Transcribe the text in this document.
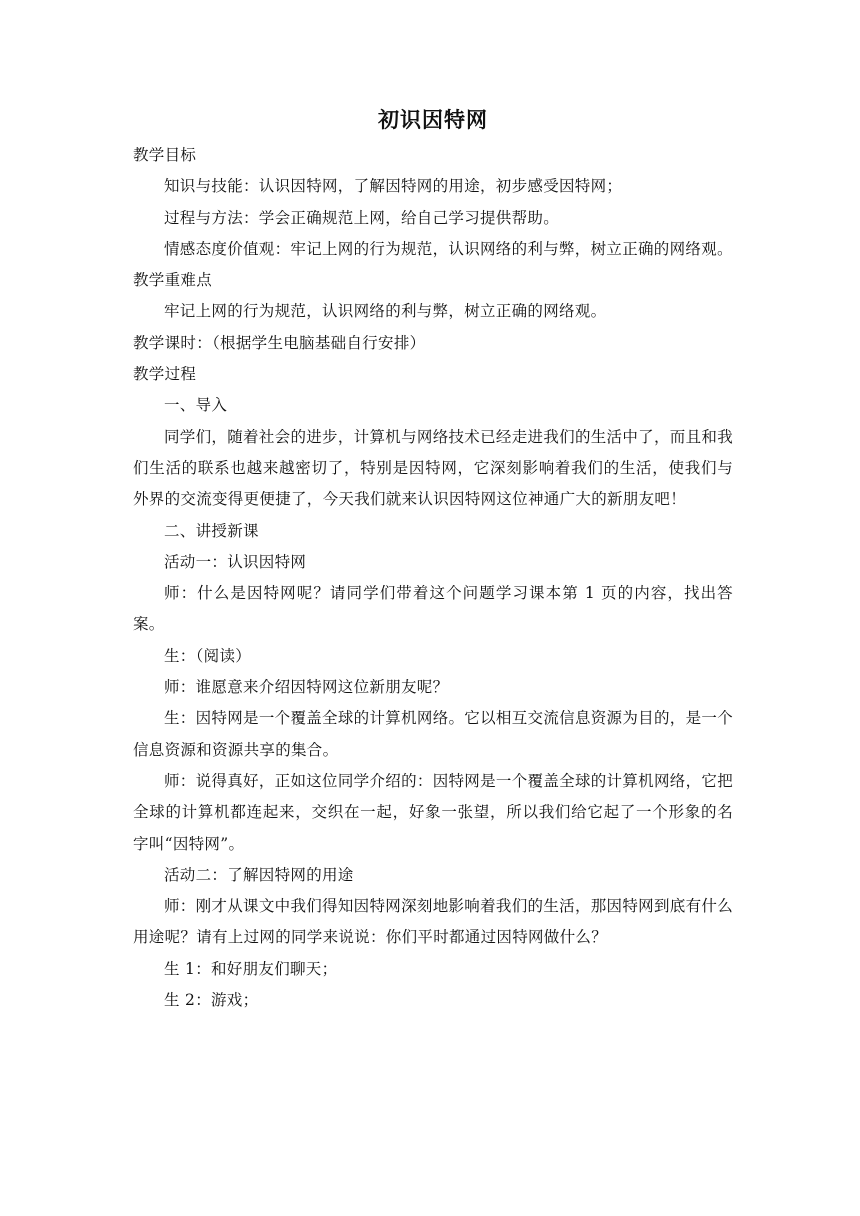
初识因特网

教学目标

知识与技能：认识因特网，了解因特网的用途，初步感受因特网；

过程与方法：学会正确规范上网，给自己学习提供帮助。

情感态度价值观：牢记上网的行为规范，认识网络的利与弊，树立正确的网络观。

教学重难点

牢记上网的行为规范，认识网络的利与弊，树立正确的网络观。

教学课时：（根据学生电脑基础自行安排）

教学过程

一、导入

同学们，随着社会的进步，计算机与网络技术已经走进我们的生活中了，而且和我们生活的联系也越来越密切了，特别是因特网，它深刻影响着我们的生活，使我们与外界的交流变得更便捷了，今天我们就来认识因特网这位神通广大的新朋友吧！

二、讲授新课

活动一：认识因特网

师：什么是因特网呢？请同学们带着这个问题学习课本第 1 页的内容，找出答案。

生：（阅读）

师：谁愿意来介绍因特网这位新朋友呢？

生：因特网是一个覆盖全球的计算机网络。它以相互交流信息资源为目的，是一个信息资源和资源共享的集合。

师：说得真好，正如这位同学介绍的：因特网是一个覆盖全球的计算机网络，它把全球的计算机都连起来，交织在一起，好象一张望，所以我们给它起了一个形象的名字叫“因特网”。

活动二：了解因特网的用途

师：刚才从课文中我们得知因特网深刻地影响着我们的生活，那因特网到底有什么用途呢？请有上过网的同学来说说：你们平时都通过因特网做什么？

生 1：和好朋友们聊天；

生 2：游戏；
